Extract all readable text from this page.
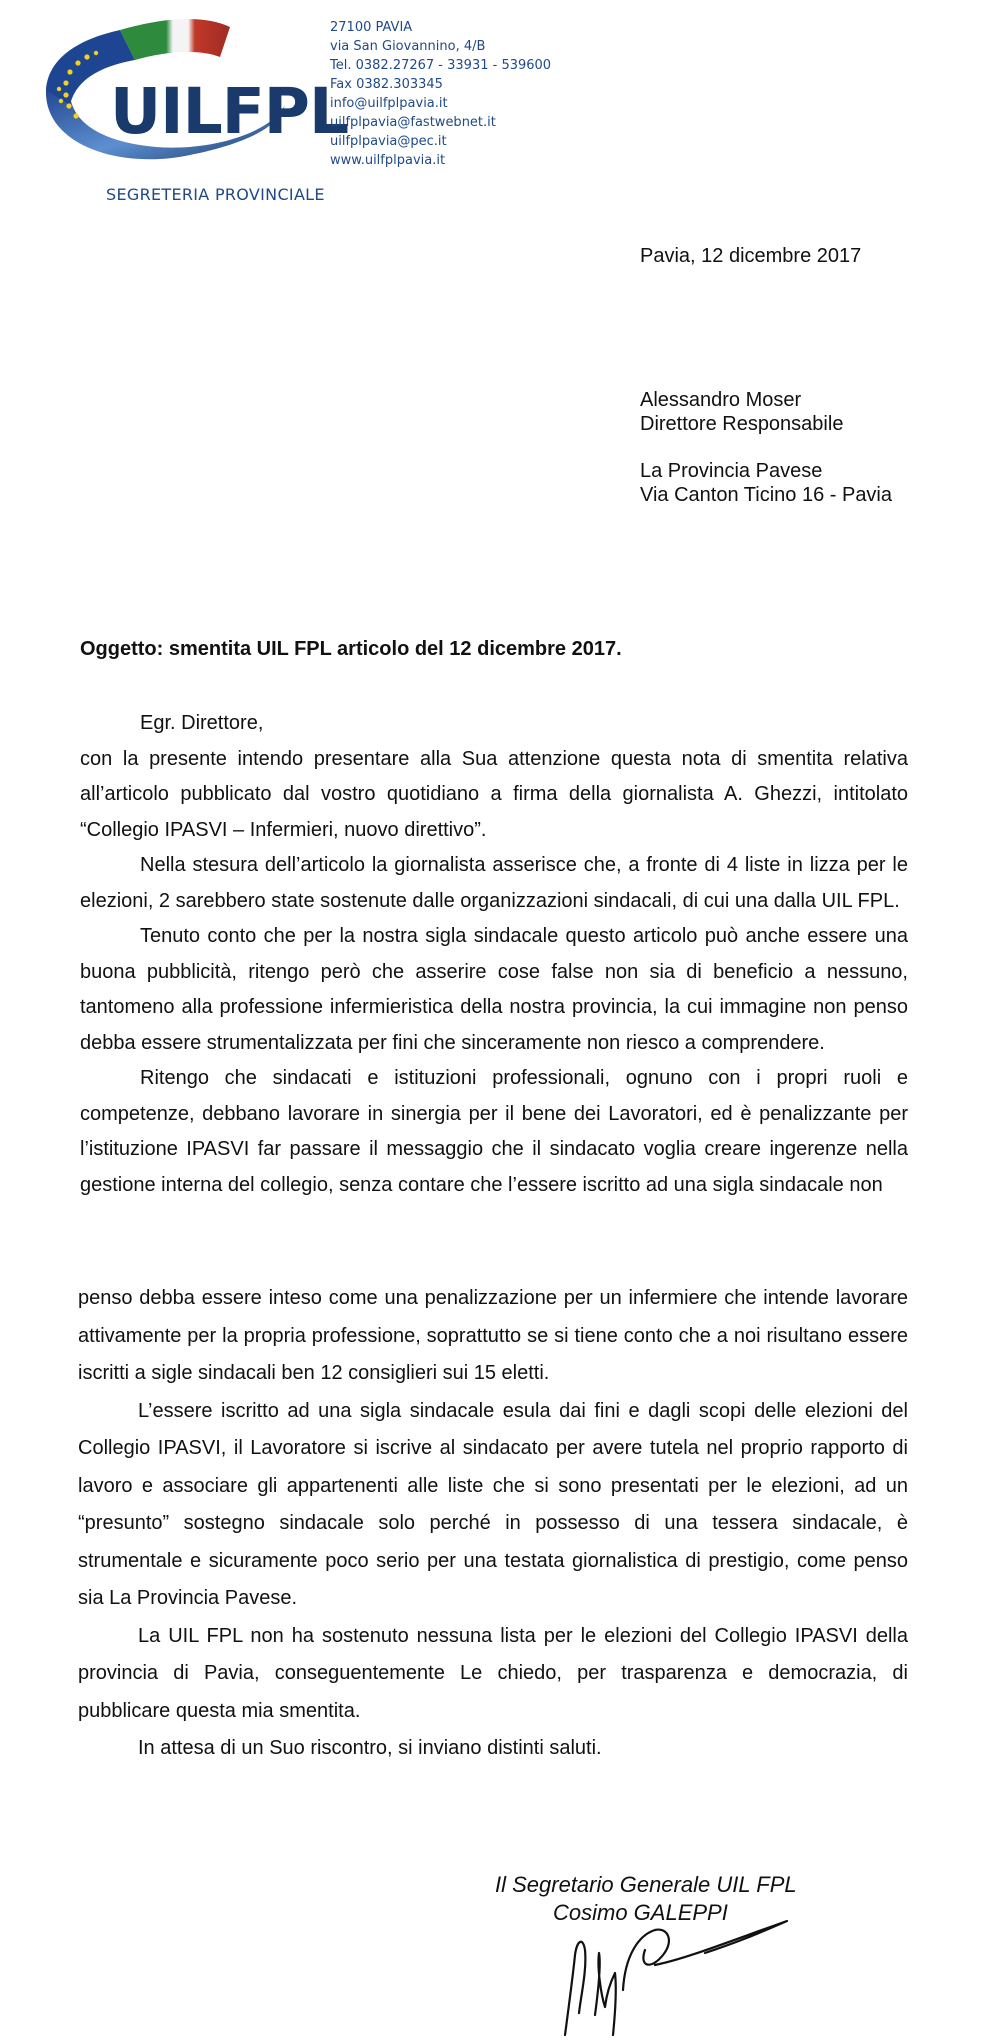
UILFPL
SEGRETERIA PROVINCIALE
27100 PAVIA
via San Giovannino, 4/B
Tel. 0382.27267 - 33931 - 539600
Fax 0382.303345
info@uilfplpavia.it
uilfplpavia@fastwebnet.it
uilfplpavia@pec.it
www.uilfplpavia.it
Pavia, 12 dicembre 2017
Alessandro Moser
Direttore Responsabile
La Provincia Pavese
Via Canton Ticino 16 - Pavia
Oggetto: smentita UIL FPL articolo del 12 dicembre 2017.

Egr. Direttore,

con la presente intendo presentare alla Sua attenzione questa nota di smentita relativa all’articolo pubblicato dal vostro quotidiano a firma della giornalista A. Ghezzi, intitolato “Collegio IPASVI – Infermieri, nuovo direttivo”.

Nella stesura dell’articolo la giornalista asserisce che, a fronte di 4 liste in lizza per le elezioni, 2 sarebbero state sostenute dalle organizzazioni sindacali, di cui una dalla UIL FPL.

Tenuto conto che per la nostra sigla sindacale questo articolo può anche essere una buona pubblicità, ritengo però che asserire cose false non sia di beneficio a nessuno, tantomeno alla professione infermieristica della nostra provincia, la cui immagine non penso debba essere strumentalizzata per fini che sinceramente non riesco a comprendere.

Ritengo che sindacati e istituzioni professionali, ognuno con i propri ruoli e competenze, debbano lavorare in sinergia per il bene dei Lavoratori, ed è penalizzante per l’istituzione IPASVI far passare il messaggio che il sindacato voglia creare ingerenze nella gestione interna del collegio, senza contare che l’essere iscritto ad una sigla sindacale non

penso debba essere inteso come una penalizzazione per un infermiere che intende lavorare attivamente per la propria professione, soprattutto se si tiene conto che a noi risultano essere iscritti a sigle sindacali ben 12 consiglieri sui 15 eletti.

L’essere iscritto ad una sigla sindacale esula dai fini e dagli scopi delle elezioni del Collegio IPASVI, il Lavoratore si iscrive al sindacato per avere tutela nel proprio rapporto di lavoro e associare gli appartenenti alle liste che si sono presentati per le elezioni, ad un “presunto” sostegno sindacale solo perché in possesso di una tessera sindacale, è strumentale e sicuramente poco serio per una testata giornalistica di prestigio, come penso sia La Provincia Pavese.

La UIL FPL non ha sostenuto nessuna lista per le elezioni del Collegio IPASVI della provincia di Pavia, conseguentemente Le chiedo, per trasparenza e democrazia, di pubblicare questa mia smentita.

In attesa di un Suo riscontro, si inviano distinti saluti.

Il Segretario Generale UIL FPL
Cosimo GALEPPI
